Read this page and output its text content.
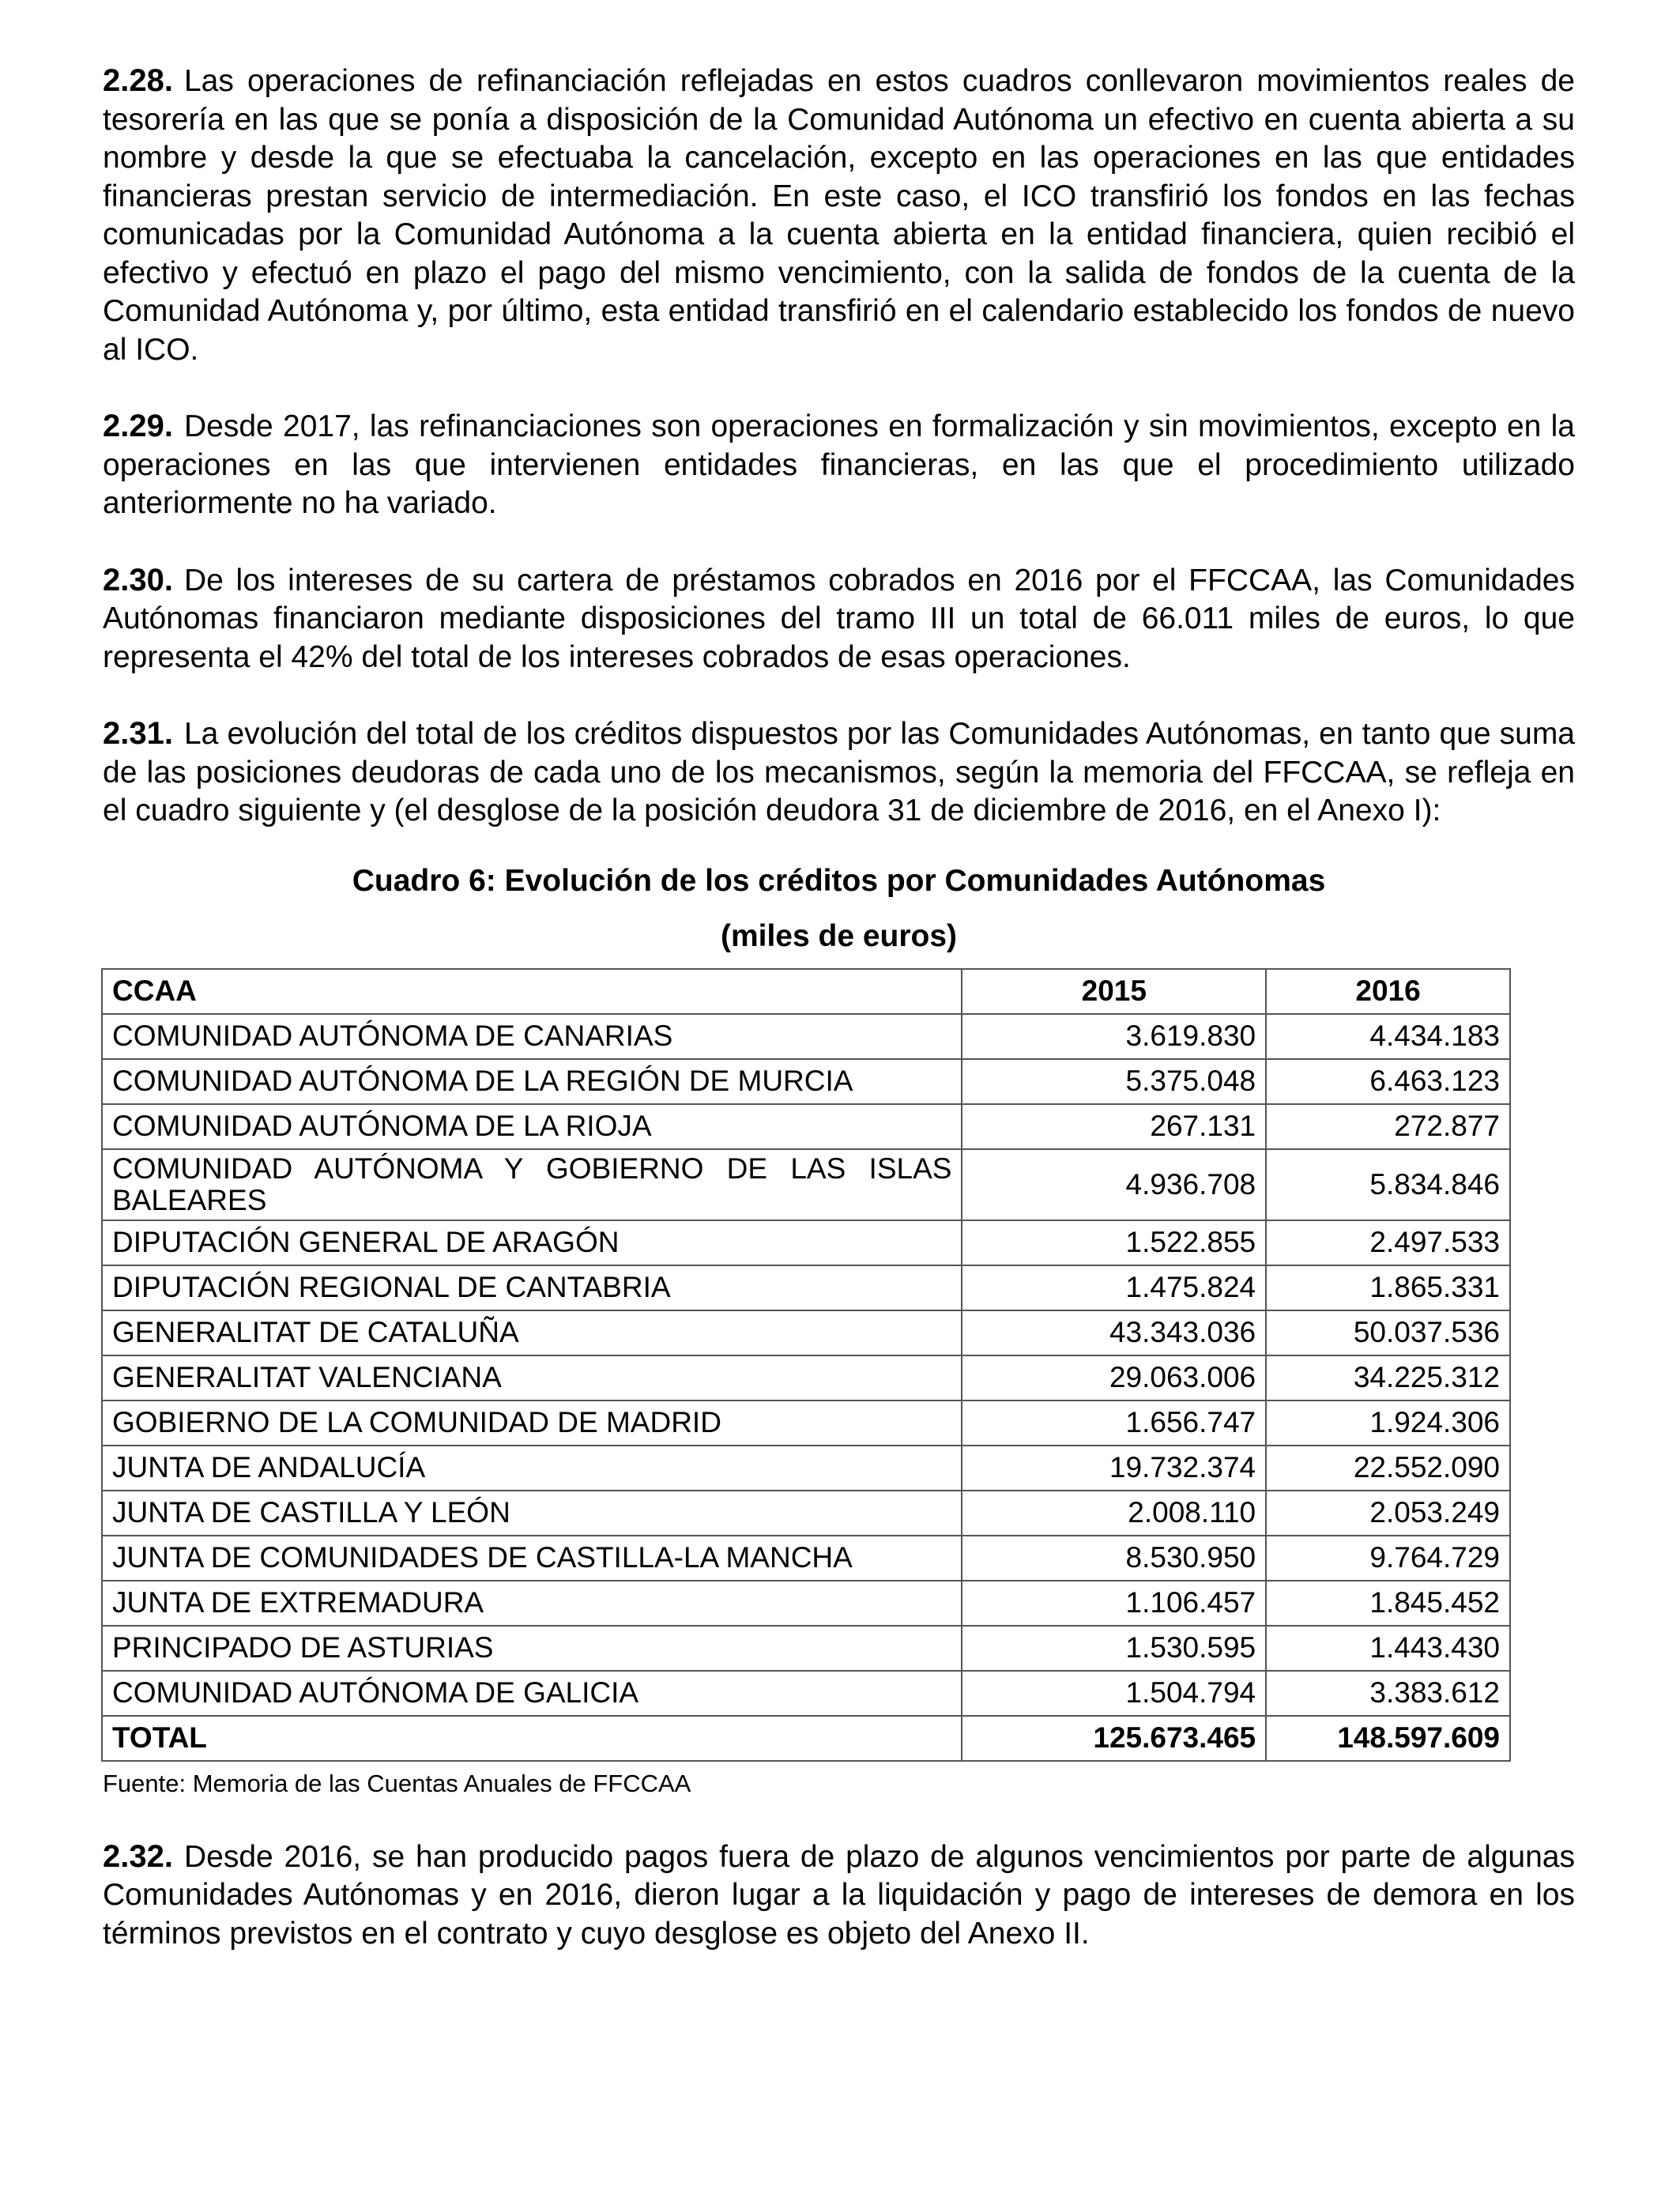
2.28. Las operaciones de refinanciación reflejadas en estos cuadros conllevaron movimientos reales de tesorería en las que se ponía a disposición de la Comunidad Autónoma un efectivo en cuenta abierta a su nombre y desde la que se efectuaba la cancelación, excepto en las operaciones en las que entidades financieras prestan servicio de intermediación. En este caso, el ICO transfirió los fondos en las fechas comunicadas por la Comunidad Autónoma a la cuenta abierta en la entidad financiera, quien recibió el efectivo y efectuó en plazo el pago del mismo vencimiento, con la salida de fondos de la cuenta de la Comunidad Autónoma y, por último, esta entidad transfirió en el calendario establecido los fondos de nuevo al ICO.

2.29. Desde 2017, las refinanciaciones son operaciones en formalización y sin movimientos, excepto en la operaciones en las que intervienen entidades financieras, en las que el procedimiento utilizado anteriormente no ha variado.

2.30. De los intereses de su cartera de préstamos cobrados en 2016 por el FFCCAA, las Comunidades Autónomas financiaron mediante disposiciones del tramo III un total de 66.011 miles de euros, lo que representa el 42% del total de los intereses cobrados de esas operaciones.

2.31. La evolución del total de los créditos dispuestos por las Comunidades Autónomas, en tanto que suma de las posiciones deudoras de cada uno de los mecanismos, según la memoria del FFCCAA, se refleja en el cuadro siguiente y (el desglose de la posición deudora 31 de diciembre de 2016, en el Anexo I):

Cuadro 6: Evolución de los créditos por Comunidades Autónomas

(miles de euros)

CCAA	2015	2016
COMUNIDAD AUTÓNOMA DE CANARIAS	3.619.830	4.434.183
COMUNIDAD AUTÓNOMA DE LA REGIÓN DE MURCIA	5.375.048	6.463.123
COMUNIDAD AUTÓNOMA DE LA RIOJA	267.131	272.877
COMUNIDAD AUTÓNOMA Y GOBIERNO DE LAS ISLAS BALEARES	4.936.708	5.834.846
DIPUTACIÓN GENERAL DE ARAGÓN	1.522.855	2.497.533
DIPUTACIÓN REGIONAL DE CANTABRIA	1.475.824	1.865.331
GENERALITAT DE CATALUÑA	43.343.036	50.037.536
GENERALITAT VALENCIANA	29.063.006	34.225.312
GOBIERNO DE LA COMUNIDAD DE MADRID	1.656.747	1.924.306
JUNTA DE ANDALUCÍA	19.732.374	22.552.090
JUNTA DE CASTILLA Y LEÓN	2.008.110	2.053.249
JUNTA DE COMUNIDADES DE CASTILLA-LA MANCHA	8.530.950	9.764.729
JUNTA DE EXTREMADURA	1.106.457	1.845.452
PRINCIPADO DE ASTURIAS	1.530.595	1.443.430
COMUNIDAD AUTÓNOMA DE GALICIA	1.504.794	3.383.612
TOTAL	125.673.465	148.597.609
Fuente: Memoria de las Cuentas Anuales de FFCCAA

2.32. Desde 2016, se han producido pagos fuera de plazo de algunos vencimientos por parte de algunas Comunidades Autónomas y en 2016, dieron lugar a la liquidación y pago de intereses de demora en los términos previstos en el contrato y cuyo desglose es objeto del Anexo II.
